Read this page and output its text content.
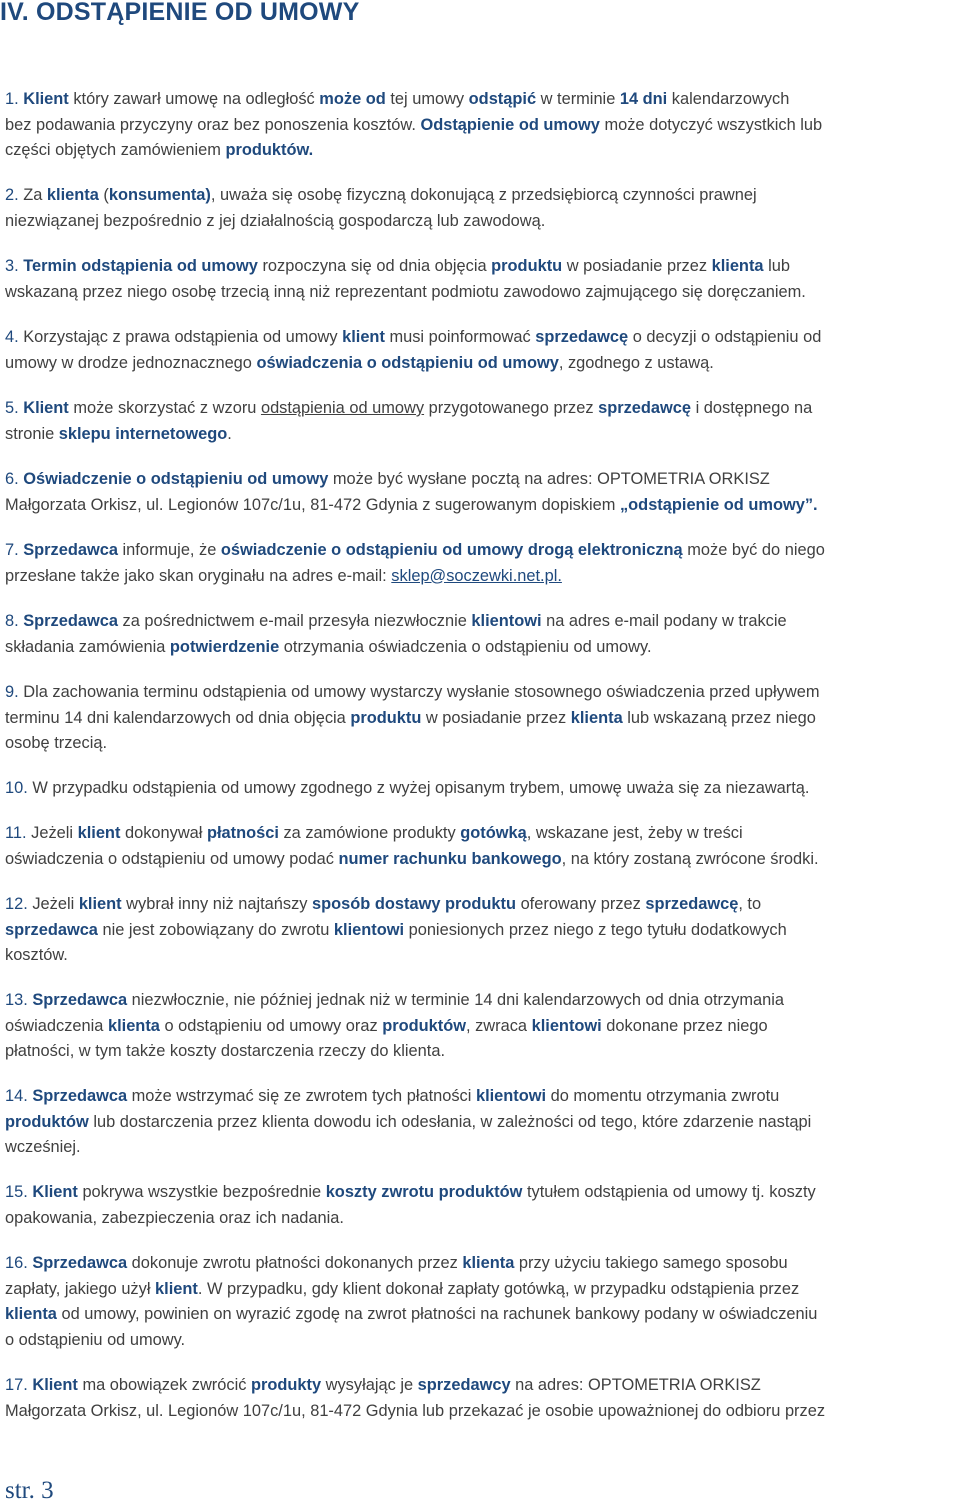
IV. ODSTĄPIENIE OD UMOWY

1. Klient który zawarł umowę na odległość może od tej umowy odstąpić w terminie 14 dni kalendarzowych
bez podawania przyczyny oraz bez ponoszenia kosztów. Odstąpienie od umowy może dotyczyć wszystkich lub
części objętych zamówieniem produktów.

2. Za klienta (konsumenta), uważa się osobę fizyczną dokonującą z przedsiębiorcą czynności prawnej
niezwiązanej bezpośrednio z jej działalnością gospodarczą lub zawodową.

3. Termin odstąpienia od umowy rozpoczyna się od dnia objęcia produktu w posiadanie przez klienta lub
wskazaną przez niego osobę trzecią inną niż reprezentant podmiotu zawodowo zajmującego się doręczaniem.

4. Korzystając z prawa odstąpienia od umowy klient musi poinformować sprzedawcę o decyzji o odstąpieniu od
umowy w drodze jednoznacznego oświadczenia o odstąpieniu od umowy, zgodnego z ustawą.

5. Klient może skorzystać z wzoru odstąpienia od umowy przygotowanego przez sprzedawcę i dostępnego na
stronie sklepu internetowego.

6. Oświadczenie o odstąpieniu od umowy może być wysłane pocztą na adres: OPTOMETRIA ORKISZ
Małgorzata Orkisz, ul. Legionów 107c/1u, 81-472 Gdynia z sugerowanym dopiskiem „odstąpienie od umowy”.

7. Sprzedawca informuje, że oświadczenie o odstąpieniu od umowy drogą elektroniczną może być do niego
przesłane także jako skan oryginału na adres e-mail: sklep@soczewki.net.pl.

8. Sprzedawca za pośrednictwem e-mail przesyła niezwłocznie klientowi na adres e-mail podany w trakcie
składania zamówienia potwierdzenie otrzymania oświadczenia o odstąpieniu od umowy.

9. Dla zachowania terminu odstąpienia od umowy wystarczy wysłanie stosownego oświadczenia przed upływem
terminu 14 dni kalendarzowych od dnia objęcia produktu w posiadanie przez klienta lub wskazaną przez niego
osobę trzecią.

10. W przypadku odstąpienia od umowy zgodnego z wyżej opisanym trybem, umowę uważa się za niezawartą.

11. Jeżeli klient dokonywał płatności za zamówione produkty gotówką, wskazane jest, żeby w treści
oświadczenia o odstąpieniu od umowy podać numer rachunku bankowego, na który zostaną zwrócone środki.

12. Jeżeli klient wybrał inny niż najtańszy sposób dostawy produktu oferowany przez sprzedawcę, to
sprzedawca nie jest zobowiązany do zwrotu klientowi poniesionych przez niego z tego tytułu dodatkowych
kosztów.

13. Sprzedawca niezwłocznie, nie później jednak niż w terminie 14 dni kalendarzowych od dnia otrzymania
oświadczenia klienta o odstąpieniu od umowy oraz produktów, zwraca klientowi dokonane przez niego
płatności, w tym także koszty dostarczenia rzeczy do klienta.

14. Sprzedawca może wstrzymać się ze zwrotem tych płatności klientowi do momentu otrzymania zwrotu
produktów lub dostarczenia przez klienta dowodu ich odesłania, w zależności od tego, które zdarzenie nastąpi
wcześniej.

15. Klient pokrywa wszystkie bezpośrednie koszty zwrotu produktów tytułem odstąpienia od umowy tj. koszty
opakowania, zabezpieczenia oraz ich nadania.

16. Sprzedawca dokonuje zwrotu płatności dokonanych przez klienta przy użyciu takiego samego sposobu
zapłaty, jakiego użył klient. W przypadku, gdy klient dokonał zapłaty gotówką, w przypadku odstąpienia przez
klienta od umowy, powinien on wyrazić zgodę na zwrot płatności na rachunek bankowy podany w oświadczeniu
o odstąpieniu od umowy.

17. Klient ma obowiązek zwrócić produkty wysyłając je sprzedawcy na adres: OPTOMETRIA ORKISZ
Małgorzata Orkisz, ul. Legionów 107c/1u, 81-472 Gdynia lub przekazać je osobie upoważnionej do odbioru przez

str. 3
